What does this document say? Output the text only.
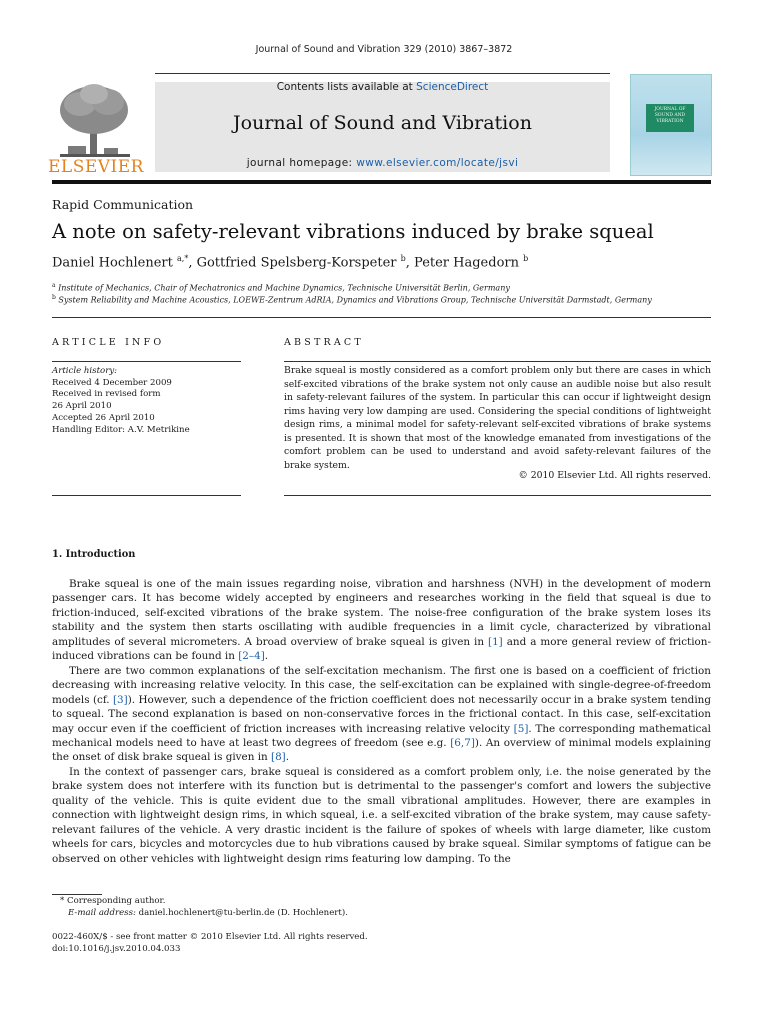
Journal of Sound and Vibration 329 (2010) 3867–3872
ELSEVIER
Contents lists available at ScienceDirect
Journal of Sound and Vibration
journal homepage: www.elsevier.com/locate/jsvi
JOURNAL OF SOUND AND VIBRATION
Rapid Communication
A note on safety-relevant vibrations induced by brake squeal
Daniel Hochlenert $^{a,*}$, Gottfried Spelsberg-Korspeter $^b$, Peter Hagedorn $^b$
$^a$ Institute of Mechanics, Chair of Mechatronics and Machine Dynamics, Technische Universität Berlin, Germany
$^b$ System Reliability and Machine Acoustics, LOEWE-Zentrum AdRIA, Dynamics and Vibrations Group, Technische Universität Darmstadt, Germany
ARTICLE INFO	ABSTRACT
Article history:
Received 4 December 2009
Received in revised form
26 April 2010
Accepted 26 April 2010
Handling Editor: A.V. Metrikine
Brake squeal is mostly considered as a comfort problem only but there are cases in which self-excited vibrations of the brake system not only cause an audible noise but also result in safety-relevant failures of the system. In particular this can occur if lightweight design rims having very low damping are used. Considering the special conditions of lightweight design rims, a minimal model for safety-relevant self-excited vibrations of brake systems is presented. It is shown that most of the knowledge emanated from investigations of the comfort problem can be used to understand and avoid safety-relevant failures of the brake system.
© 2010 Elsevier Ltd. All rights reserved.
1. Introduction

Brake squeal is one of the main issues regarding noise, vibration and harshness (NVH) in the development of modern passenger cars. It has become widely accepted by engineers and researches working in the field that squeal is due to friction-induced, self-excited vibrations of the brake system. The noise-free configuration of the brake system loses its stability and the system then starts oscillating with audible frequencies in a limit cycle, characterized by vibrational amplitudes of several micrometers. A broad overview of brake squeal is given in [1] and a more general review of friction-induced vibrations can be found in [2–4].

There are two common explanations of the self-excitation mechanism. The first one is based on a coefficient of friction decreasing with increasing relative velocity. In this case, the self-excitation can be explained with single-degree-of-freedom models (cf. [3]). However, such a dependence of the friction coefficient does not necessarily occur in a brake system tending to squeal. The second explanation is based on non-conservative forces in the frictional contact. In this case, self-excitation may occur even if the coefficient of friction increases with increasing relative velocity [5]. The corresponding mathematical mechanical models need to have at least two degrees of freedom (see e.g. [6,7]). An overview of minimal models explaining the onset of disk brake squeal is given in [8].

In the context of passenger cars, brake squeal is considered as a comfort problem only, i.e. the noise generated by the brake system does not interfere with its function but is detrimental to the passenger's comfort and lowers the subjective quality of the vehicle. This is quite evident due to the small vibrational amplitudes. However, there are examples in connection with lightweight design rims, in which squeal, i.e. a self-excited vibration of the brake system, may cause safety-relevant failures of the vehicle. A very drastic incident is the failure of spokes of wheels with large diameter, like custom wheels for cars, bicycles and motorcycles due to hub vibrations caused by brake squeal. Similar symptoms of fatigue can be observed on other vehicles with lightweight design rims featuring low damping. To the

* Corresponding author.
E-mail address: daniel.hochlenert@tu-berlin.de (D. Hochlenert).
0022-460X/$ - see front matter © 2010 Elsevier Ltd. All rights reserved.
doi:10.1016/j.jsv.2010.04.033
